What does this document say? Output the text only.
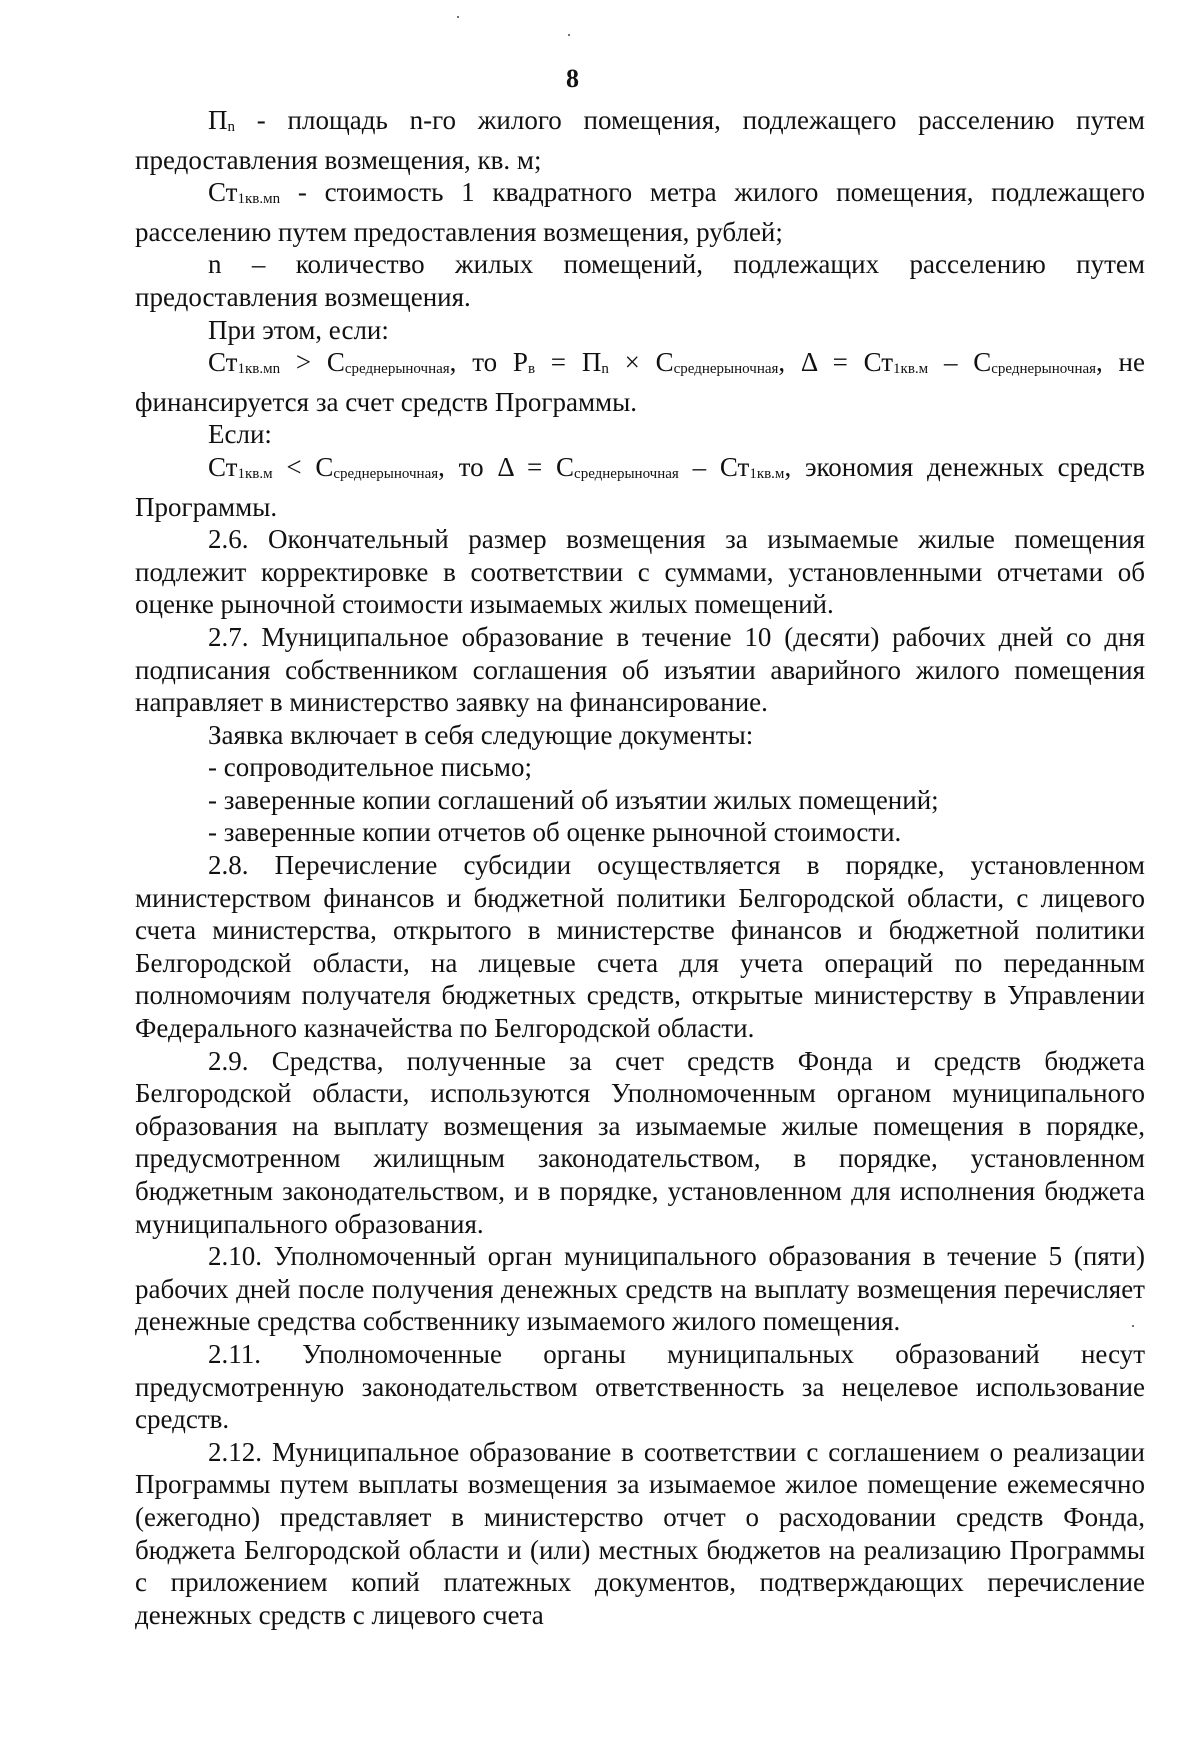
8

Пn - площадь n-го жилого помещения, подлежащего расселению путем предоставления возмещения, кв. м;

Ст1кв.мn - стоимость 1 квадратного метра жилого помещения, подлежащего расселению путем предоставления возмещения, рублей;

n – количество жилых помещений, подлежащих расселению путем предоставления возмещения.

При этом, если:

Ст1кв.мn > Ссреднерыночная, то Рв = Пn × Ссреднерыночная, Δ = Ст1кв.м – Ссреднерыночная, не финансируется за счет средств Программы.

Если:

Ст1кв.м < Ссреднерыночная, то Δ = Ссреднерыночная – Ст1кв.м, экономия денежных средств Программы.

2.6. Окончательный размер возмещения за изымаемые жилые помещения подлежит корректировке в соответствии с суммами, установленными отчетами об оценке рыночной стоимости изымаемых жилых помещений.

2.7. Муниципальное образование в течение 10 (десяти) рабочих дней со дня подписания собственником соглашения об изъятии аварийного жилого помещения направляет в министерство заявку на финансирование.

Заявка включает в себя следующие документы:

- сопроводительное письмо;

- заверенные копии соглашений об изъятии жилых помещений;

- заверенные копии отчетов об оценке рыночной стоимости.

2.8. Перечисление субсидии осуществляется в порядке, установленном министерством финансов и бюджетной политики Белгородской области, с лицевого счета министерства, открытого в министерстве финансов и бюджетной политики Белгородской области, на лицевые счета для учета операций по переданным полномочиям получателя бюджетных средств, открытые министерству в Управлении Федерального казначейства по Белгородской области.

2.9. Средства, полученные за счет средств Фонда и средств бюджета Белгородской области, используются Уполномоченным органом муниципального образования на выплату возмещения за изымаемые жилые помещения в порядке, предусмотренном жилищным законодательством, в порядке, установленном бюджетным законодательством, и в порядке, установленном для исполнения бюджета муниципального образования.

2.10. Уполномоченный орган муниципального образования в течение 5 (пяти) рабочих дней после получения денежных средств на выплату возмещения перечисляет денежные средства собственнику изымаемого жилого помещения.

2.11. Уполномоченные органы муниципальных образований несут предусмотренную законодательством ответственность за нецелевое использование средств.

2.12. Муниципальное образование в соответствии с соглашением о реализации Программы путем выплаты возмещения за изымаемое жилое помещение ежемесячно (ежегодно) представляет в министерство отчет о расходовании средств Фонда, бюджета Белгородской области и (или) местных бюджетов на реализацию Программы с приложением копий платежных документов, подтверждающих перечисление денежных средств с лицевого счета
